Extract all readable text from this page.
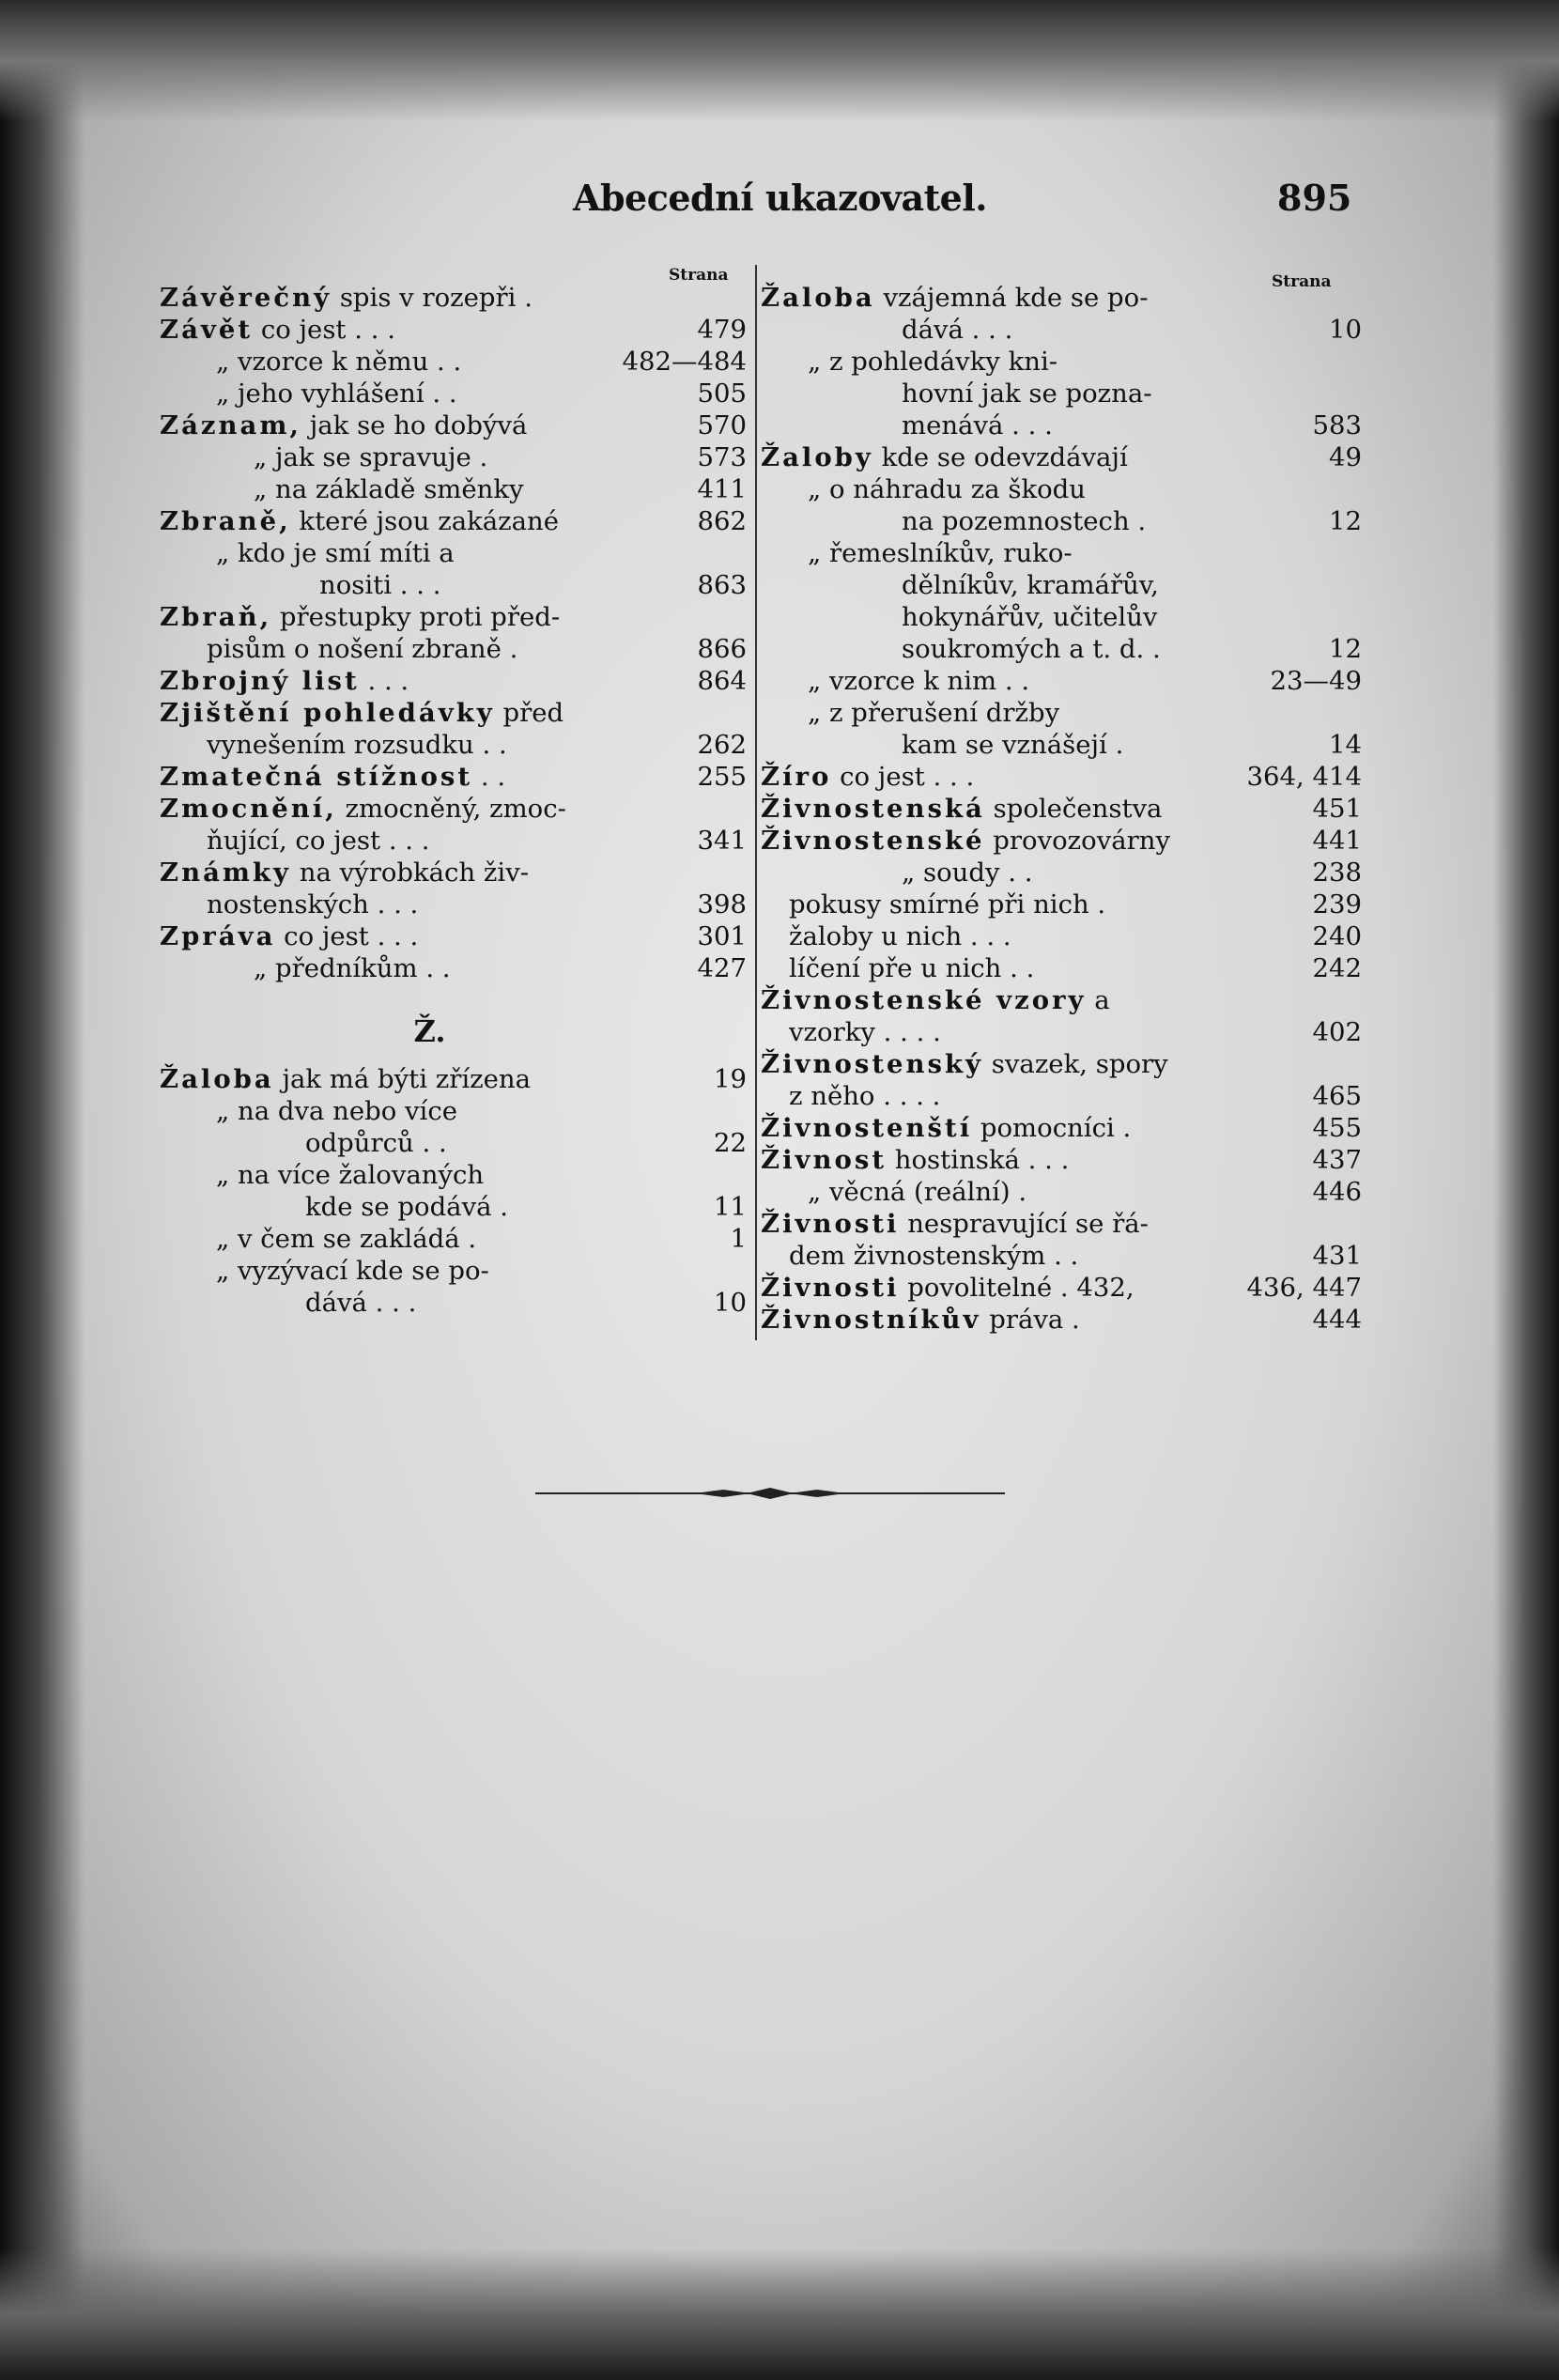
Abecední ukazovatel.	895
Strana	Strana
Závěrečný spis v rozepři .
Závět co jest . . .	479
„ vzorce k němu . .	482—484
„ jeho vyhlášení . .	505
Záznam, jak se ho dobývá	570
„ jak se spravuje .	573
„ na základě směnky	411
Zbraně, které jsou zakázané	862
„ kdo je smí míti a
nositi . . .	863
Zbraň, přestupky proti před-
pisům o nošení zbraně .	866
Zbrojný list . . .	864
Zjištění pohledávky před
vynešením rozsudku . .	262
Zmatečná stížnost . .	255
Zmocnění, zmocněný, zmoc-
ňující, co jest . . .	341
Známky na výrobkách živ-
nostenských . . .	398
Zpráva co jest . . .	301
„ předníkům . .	427
Ž.
Žaloba jak má býti zřízena	19
„ na dva nebo více
odpůrců . .	22
„ na více žalovaných
kde se podává .	11
„ v čem se zakládá .	1
„ vyzývací kde se po-
dává . . .	10
Žaloba vzájemná kde se po-
dává . . .	10
„ z pohledávky kni-
hovní jak se pozna-
menává . . .	583
Žaloby kde se odevzdávají	49
„ o náhradu za škodu
na pozemnostech .	12
„ řemeslníkův, ruko-
dělníkův, kramářův,
hokynářův, učitelův
soukromých a t. d. .	12
„ vzorce k nim . .	23—49
„ z přerušení držby
kam se vznášejí .	14
Žíro co jest . . .	364, 414
Živnostenská společenstva	451
Živnostenské provozovárny	441
„ soudy . .	238
pokusy smírné při nich .	239
žaloby u nich . . .	240
líčení pře u nich . .	242
Živnostenské vzory a
vzorky . . . .	402
Živnostenský svazek, spory
z něho . . . .	465
Živnostenští pomocníci .	455
Živnost hostinská . . .	437
„ věcná (reální) .	446
Živnosti nespravující se řá-
dem živnostenským . .	431
Živnosti povolitelné . 432,	436, 447
Živnostníkův práva .	444
